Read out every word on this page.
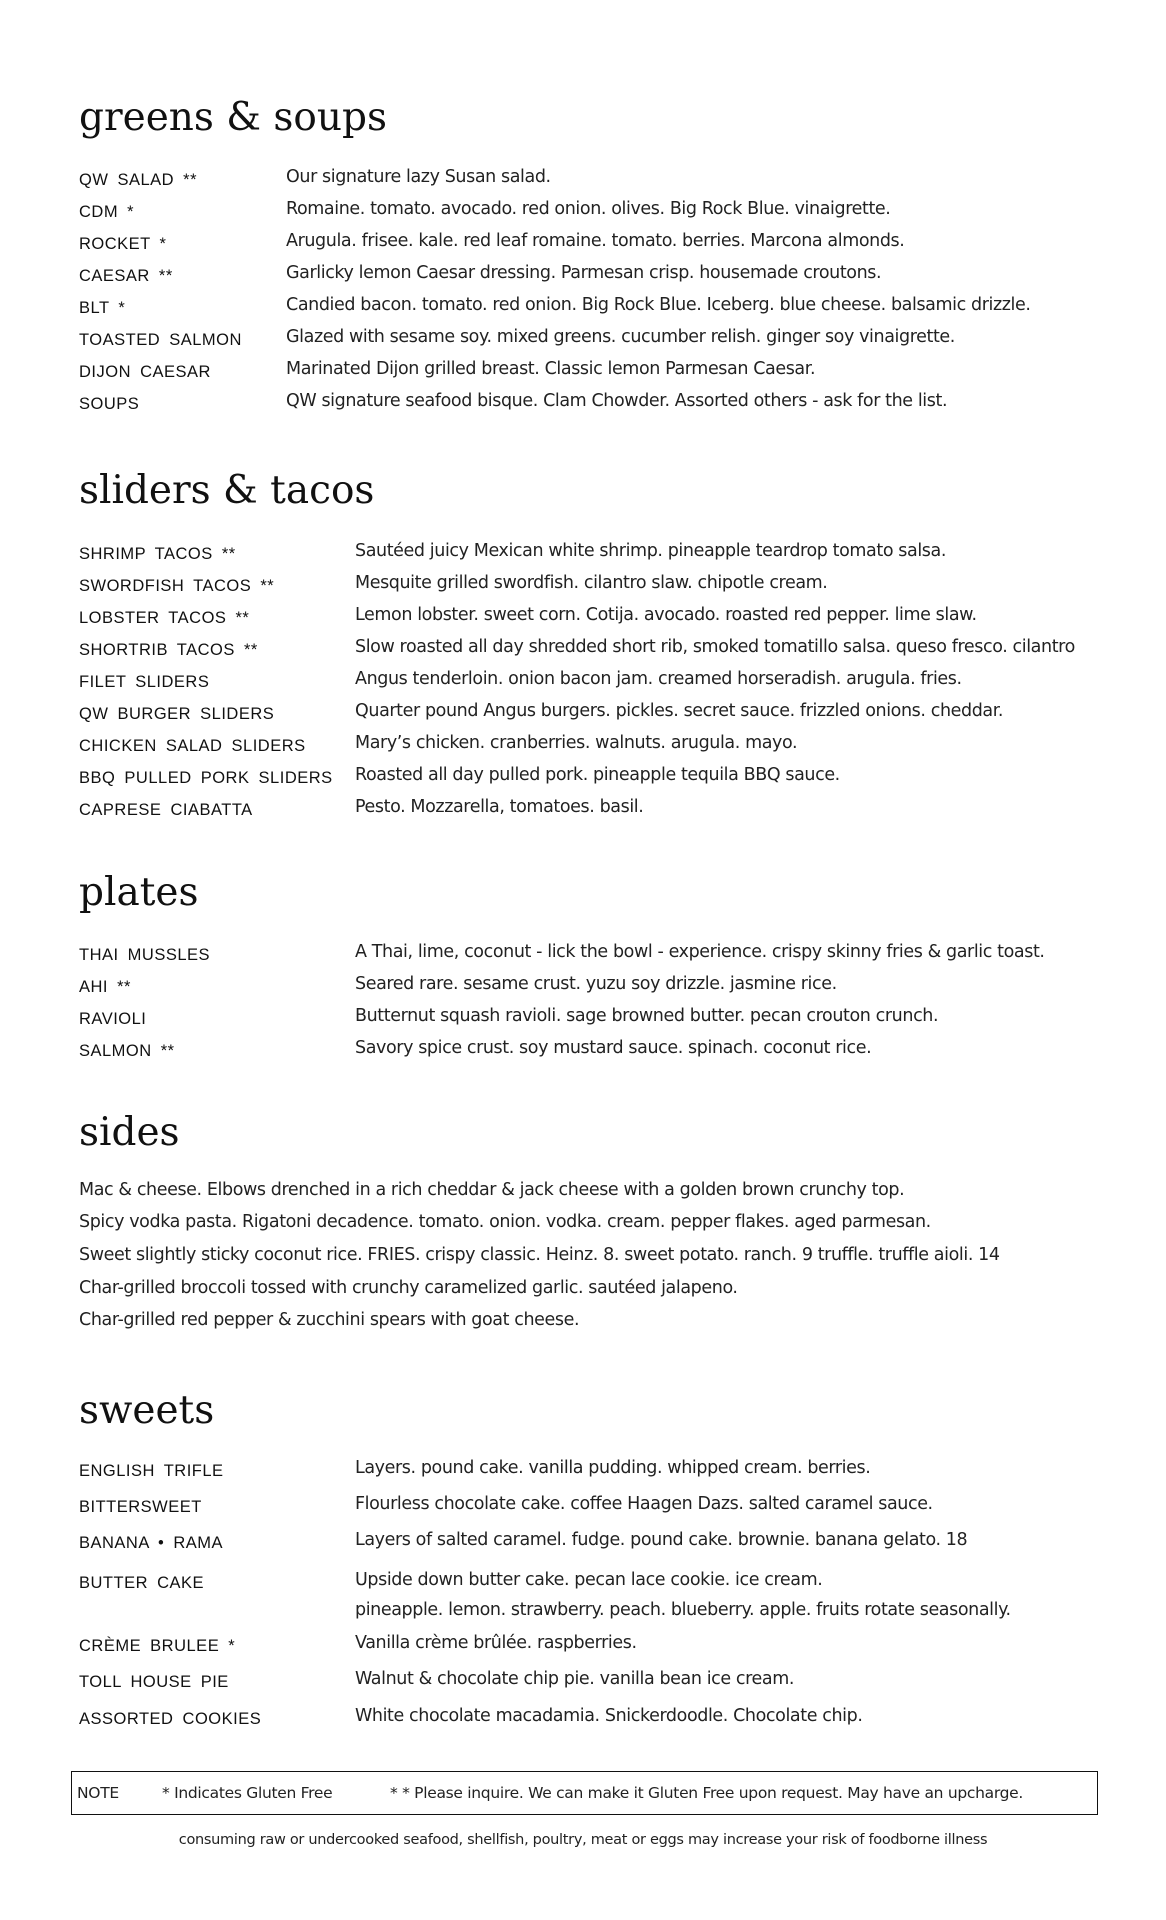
greens & soups
QW SALAD **	Our signature lazy Susan salad.
CDM *	Romaine. tomato. avocado. red onion. olives. Big Rock Blue. vinaigrette.
ROCKET *	Arugula. frisee. kale. red leaf romaine. tomato. berries. Marcona almonds.
CAESAR **	Garlicky lemon Caesar dressing. Parmesan crisp. housemade croutons.
BLT *	Candied bacon. tomato. red onion. Big Rock Blue. Iceberg. blue cheese. balsamic drizzle.
TOASTED SALMON	Glazed with sesame soy. mixed greens. cucumber relish. ginger soy vinaigrette.
DIJON CAESAR	Marinated Dijon grilled breast. Classic lemon Parmesan Caesar.
SOUPS	QW signature seafood bisque. Clam Chowder. Assorted others - ask for the list.
sliders & tacos
SHRIMP TACOS **	Sautéed juicy Mexican white shrimp. pineapple teardrop tomato salsa.
SWORDFISH TACOS **	Mesquite grilled swordfish. cilantro slaw. chipotle cream.
LOBSTER TACOS **	Lemon lobster. sweet corn. Cotija. avocado. roasted red pepper. lime slaw.
SHORTRIB TACOS **	Slow roasted all day shredded short rib, smoked tomatillo salsa. queso fresco. cilantro
FILET SLIDERS	Angus tenderloin. onion bacon jam. creamed horseradish. arugula. fries.
QW BURGER SLIDERS	Quarter pound Angus burgers. pickles. secret sauce. frizzled onions. cheddar.
CHICKEN SALAD SLIDERS	Mary’s chicken. cranberries. walnuts. arugula. mayo.
BBQ PULLED PORK SLIDERS Roasted all day pulled pork. pineapple tequila BBQ sauce.
CAPRESE CIABATTA	Pesto. Mozzarella, tomatoes. basil.
plates
THAI MUSSLES	A Thai, lime, coconut - lick the bowl - experience. crispy skinny fries & garlic toast.
AHI **	Seared rare. sesame crust. yuzu soy drizzle. jasmine rice.
RAVIOLI	Butternut squash ravioli. sage browned butter. pecan crouton crunch.
SALMON **	Savory spice crust. soy mustard sauce. spinach. coconut rice.
sides
Mac & cheese. Elbows drenched in a rich cheddar & jack cheese with a golden brown crunchy top.
Spicy vodka pasta. Rigatoni decadence. tomato. onion. vodka. cream. pepper flakes. aged parmesan.
Sweet slightly sticky coconut rice. FRIES. crispy classic. Heinz. 8. sweet potato. ranch. 9 truffle. truffle aioli. 14
Char-grilled broccoli tossed with crunchy caramelized garlic. sautéed jalapeno.
Char-grilled red pepper & zucchini spears with goat cheese.
sweets
ENGLISH TRIFLE	Layers. pound cake. vanilla pudding. whipped cream. berries.
BITTERSWEET	Flourless chocolate cake. coffee Haagen Dazs. salted caramel sauce.
BANANA • RAMA	Layers of salted caramel. fudge. pound cake. brownie. banana gelato. 18
BUTTER CAKE	Upside down butter cake. pecan lace cookie. ice cream.
pineapple. lemon. strawberry. peach. blueberry. apple. fruits rotate seasonally.
CRÈME BRULEE *	Vanilla crème brûlée. raspberries.
TOLL HOUSE PIE	Walnut & chocolate chip pie. vanilla bean ice cream.
ASSORTED COOKIES	White chocolate macadamia. Snickerdoodle. Chocolate chip.
NOTE	* Indicates Gluten Free	* * Please inquire. We can make it Gluten Free upon request. May have an upcharge.
consuming raw or undercooked seafood, shellfish, poultry, meat or eggs may increase your risk of foodborne illness
